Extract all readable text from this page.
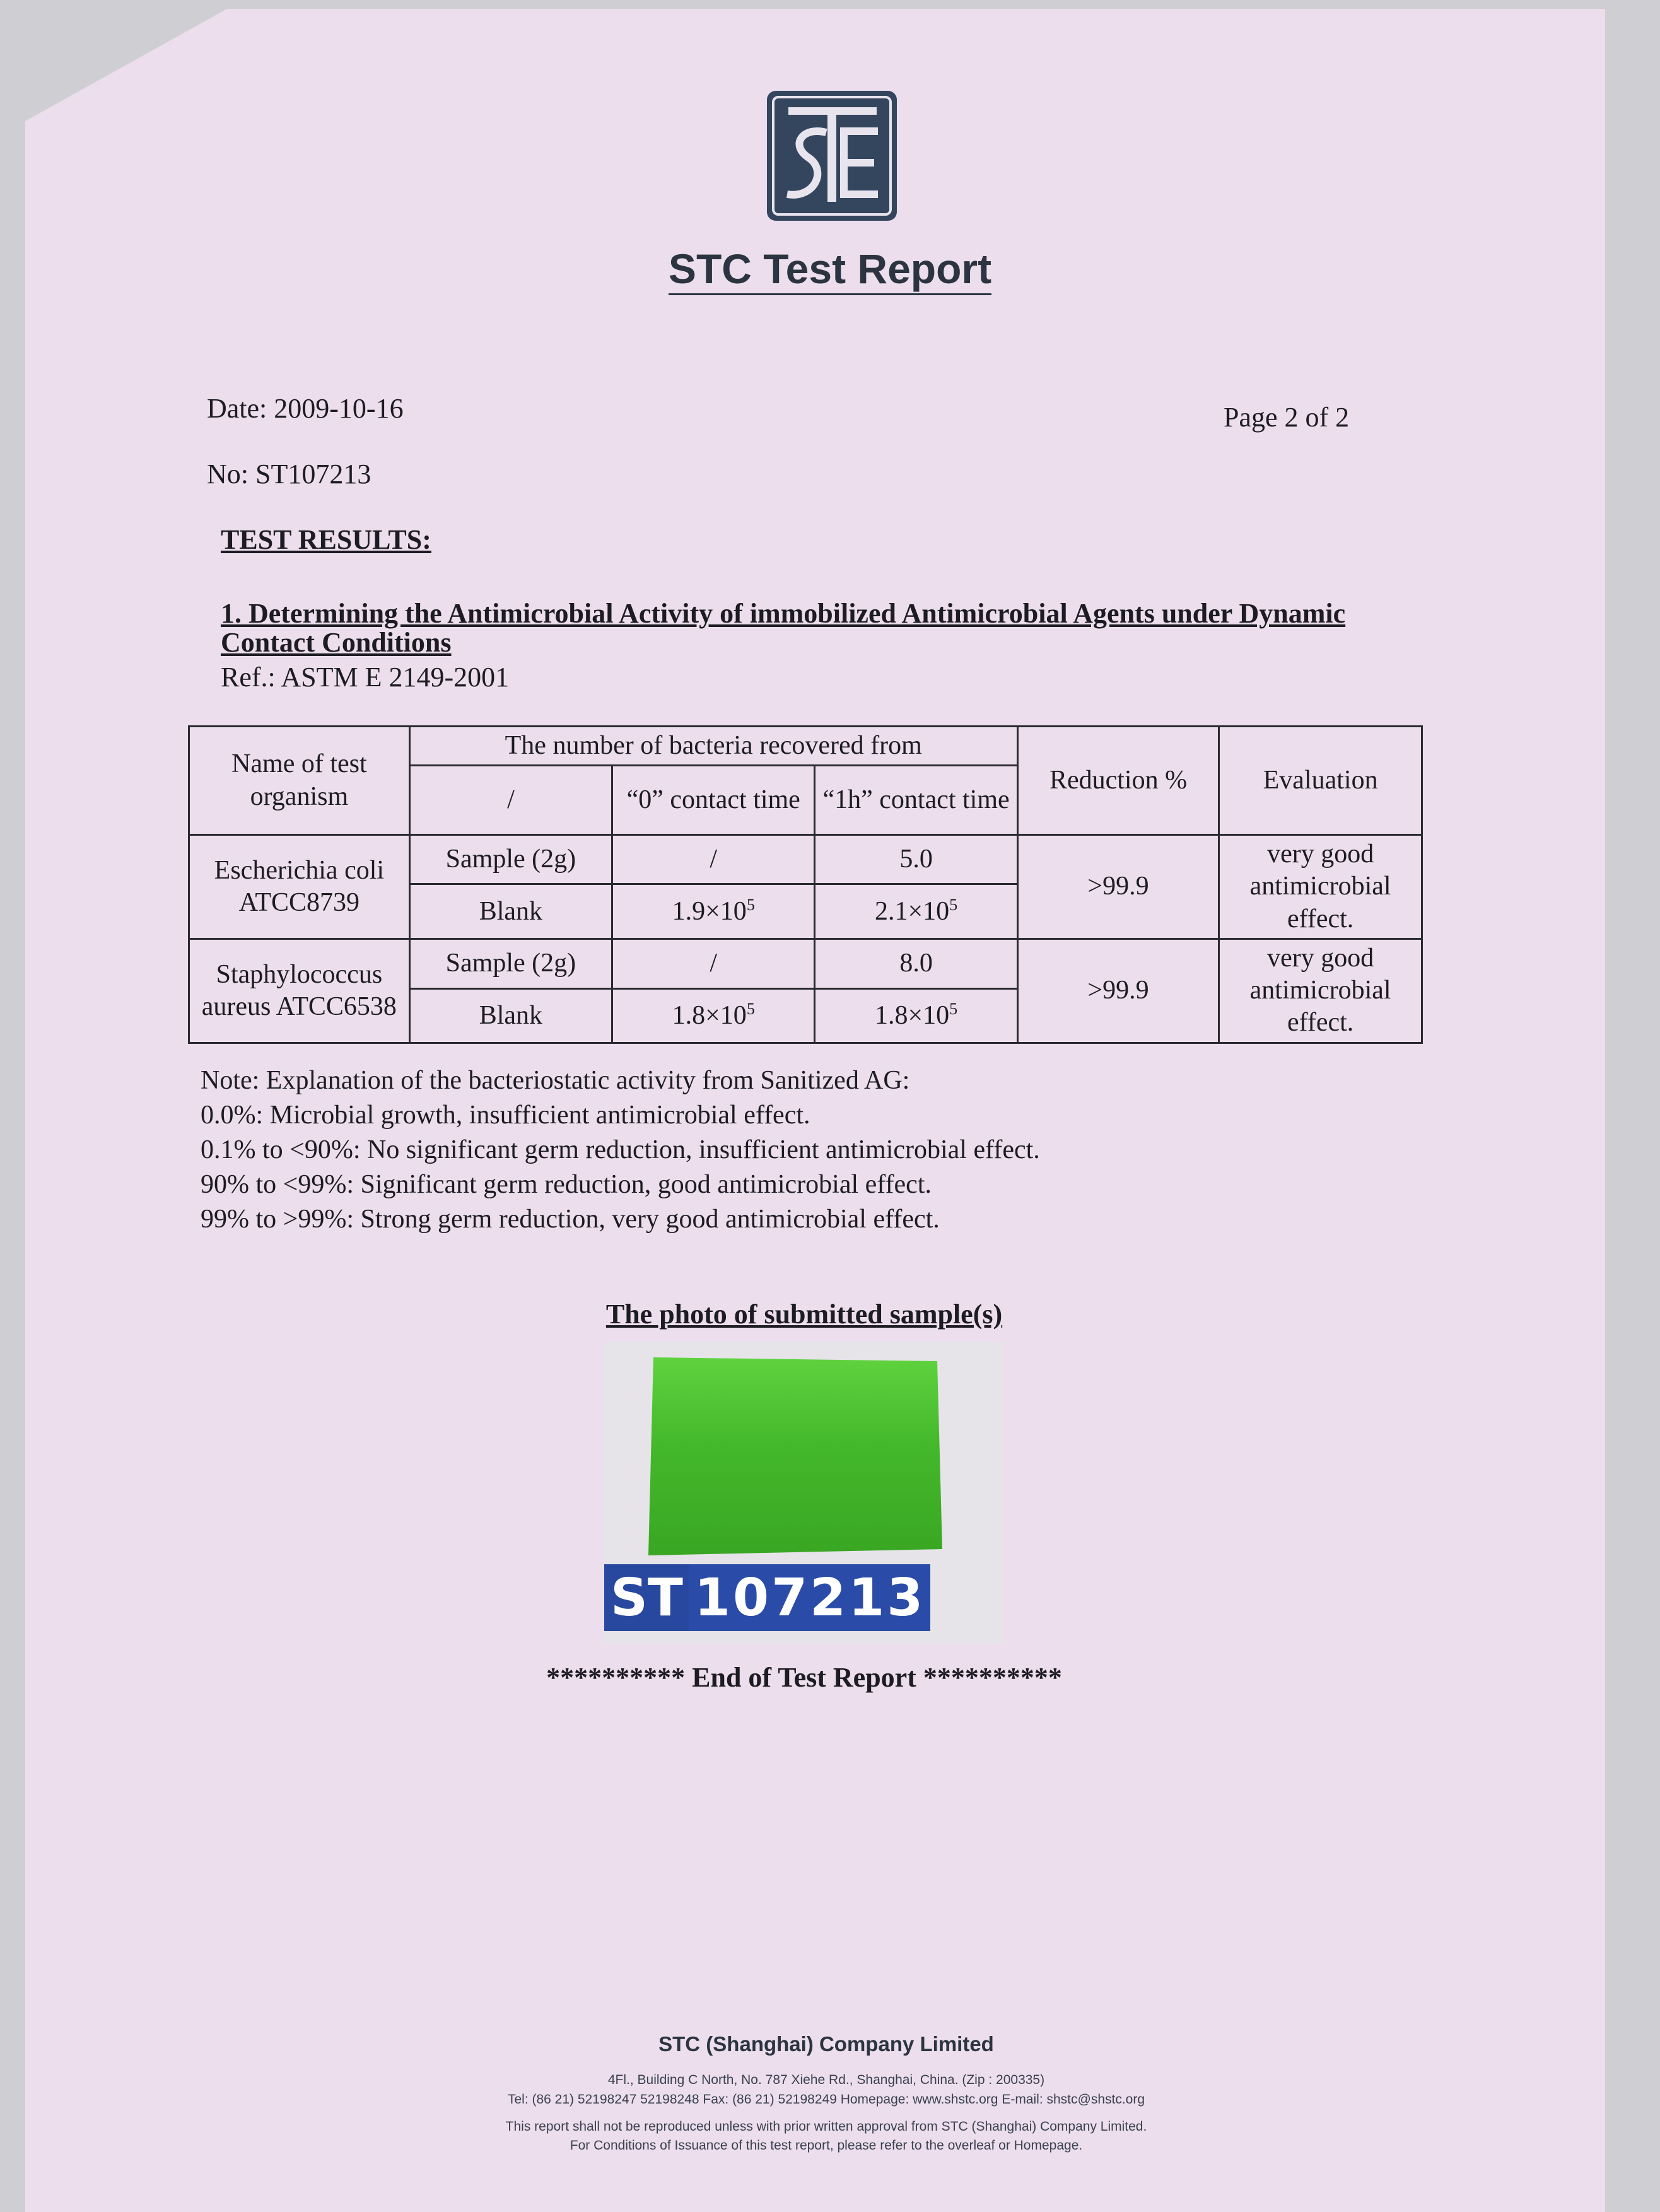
STC Test Report
Date: 2009-10-16	Page 2 of 2
No: ST107213
TEST RESULTS:
1. Determining the Antimicrobial Activity of immobilized Antimicrobial Agents under Dynamic
Contact Conditions
Ref.: ASTM E 2149-2001
Name of test organism	The number of bacteria recovered from			Reduction %	Evaluation
	/	“0” contact time	“1h” contact time		
Escherichia coli ATCC8739	Sample (2g)	/	5.0	>99.9	very good antimicrobial effect.
	Blank	$1.9\times 10^5$	$2.1\times 10^5$
Staphylococcus aureus ATCC6538	Sample (2g)	/	8.0	>99.9	very good antimicrobial effect.
	Blank	$1.8\times 10^5$	$1.8\times 10^5$
Note: Explanation of the bacteriostatic activity from Sanitized AG:
0.0%: Microbial growth, insufficient antimicrobial effect.
0.1% to <90%: No significant germ reduction, insufficient antimicrobial effect.
90% to <99%: Significant germ reduction, good antimicrobial effect.
99% to >99%: Strong germ reduction, very good antimicrobial effect.
The photo of submitted sample(s)
ST 107213
********** End of Test Report **********
STC (Shanghai) Company Limited
4Fl., Building C North, No. 787 Xiehe Rd., Shanghai, China. (Zip : 200335)
Tel: (86 21) 52198247 52198248 Fax: (86 21) 52198249 Homepage: www.shstc.org E-mail: shstc@shstc.org
This report shall not be reproduced unless with prior written approval from STC (Shanghai) Company Limited.
For Conditions of Issuance of this test report, please refer to the overleaf or Homepage.
